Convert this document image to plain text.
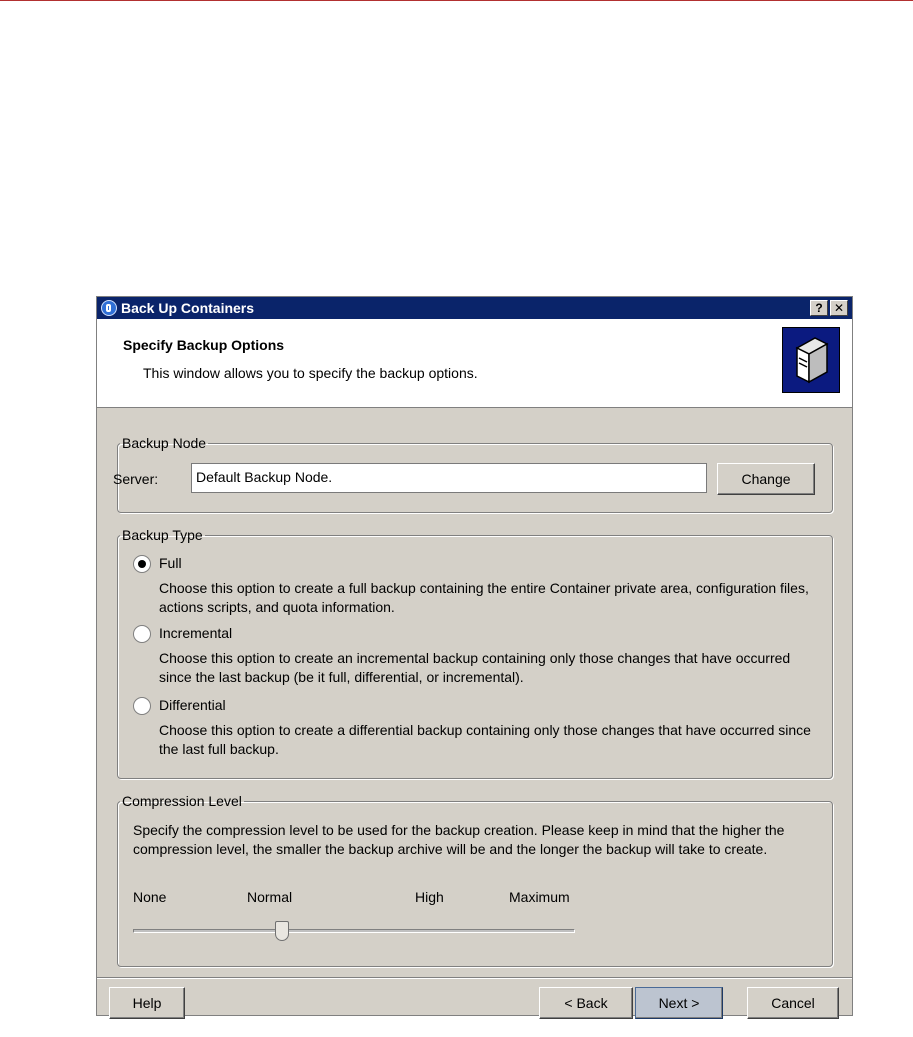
Back Up Containers	? ✕
Specify Backup Options
This window allows you to specify the backup options.
Backup Node
Server:	Default Backup Node.	Change
Backup Type
Full
Choose this option to create a full backup containing the entire Container private area, configuration files, actions scripts, and quota information.
Incremental
Choose this option to create an incremental backup containing only those changes that have occurred since the last backup (be it full, differential, or incremental).
Differential
Choose this option to create a differential backup containing only those changes that have occurred since the last full backup.
Compression Level
Specify the compression level to be used for the backup creation. Please keep in mind that the higher the compression level, the smaller the backup archive will be and the longer the backup will take to create.
None	Normal	High	Maximum
Help	< Back	Next >	Cancel
